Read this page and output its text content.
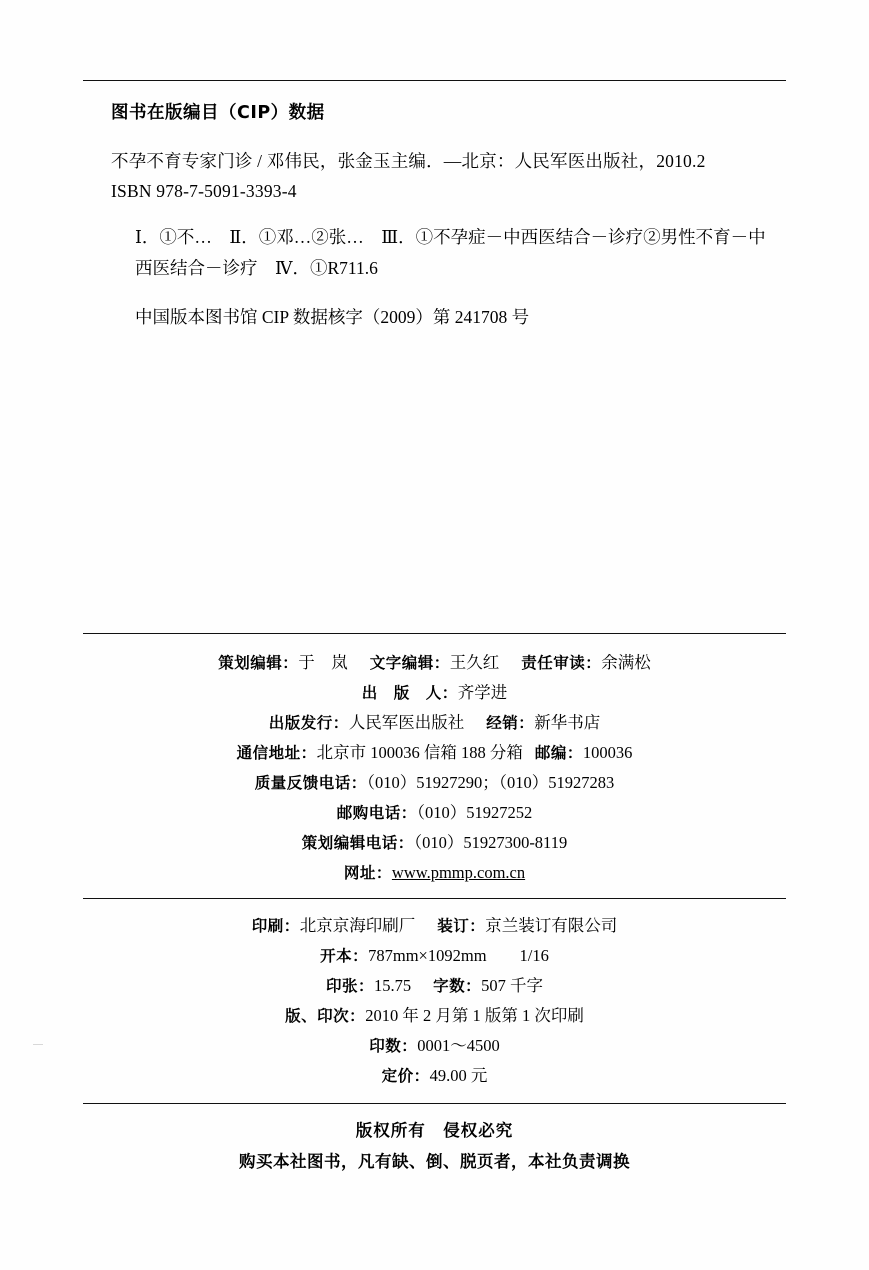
图书在版编目（CIP）数据
不孕不育专家门诊 / 邓伟民，张金玉主编．—北京：人民军医出版社，2010.2
ISBN 978-7-5091-3393-4
Ⅰ．①不…　Ⅱ．①邓…②张…　Ⅲ．①不孕症－中西医结合－诊疗②男性不育－中
西医结合－诊疗　Ⅳ．①R711.6
中国版本图书馆 CIP 数据核字（2009）第 241708 号
策划编辑：于　岚 文字编辑：王久红 责任审读：余满松
出　版　人：齐学进
出版发行：人民军医出版社 经销：新华书店
通信地址：北京市 100036 信箱 188 分箱 邮编：100036
质量反馈电话：（010）51927290；（010）51927283
邮购电话：（010）51927252
策划编辑电话：（010）51927300-8119
网址：www.pmmp.com.cn
印刷：北京京海印刷厂 装订：京兰装订有限公司
开本：787mm×1092mm　　1/16
印张：15.75 字数：507 千字
版、印次：2010 年 2 月第 1 版第 1 次印刷
印数：0001～4500
定价：49.00 元
版权所有　侵权必究
购买本社图书，凡有缺、倒、脱页者，本社负责调换
